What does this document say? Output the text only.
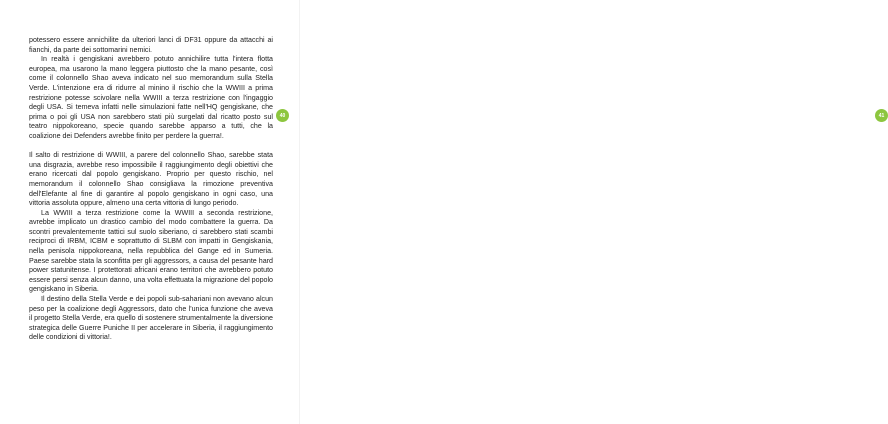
potessero essere annichilite da ulteriori lanci di DF31 oppure da attacchi ai fianchi, da parte dei sottomarini nemici.

In realtà i gengiskani avrebbero potuto annichilire tutta l'intera flotta europea, ma usarono la mano leggera piuttosto che la mano pesante, così come il colonnello Shao aveva indicato nel suo memorandum sulla Stella Verde. L'intenzione era di ridurre al minino il rischio che la WWIII a prima restrizione potesse scivolare nella WWIII a terza restrizione con l'ingaggio degli USA. Si temeva infatti nelle simulazioni fatte nell'HQ gengiskane, che prima o poi gli USA non sarebbero stati più surgelati dal ricatto posto sul teatro nippokoreano, specie quando sarebbe apparso a tutti, che la coalizione dei Defenders avrebbe finito per perdere la guerra!.

Il salto di restrizione di WWIII, a parere del colonnello Shao, sarebbe stata una disgrazia, avrebbe reso impossibile il raggiungimento degli obiettivi che erano ricercati dal popolo gengiskano. Proprio per questo rischio, nel memorandum il colonnello Shao consigliava la rimozione preventiva dell'Elefante al fine di garantire al popolo gengiskano in ogni caso, una vittoria assoluta oppure, almeno una certa vittoria di lungo periodo.

La WWIII a terza restrizione come la WWIII a seconda restrizione, avrebbe implicato un drastico cambio del modo combattere la guerra. Da scontri prevalentemente tattici sul suolo siberiano, ci sarebbero stati scambi reciproci di IRBM, ICBM e soprattutto di SLBM con impatti in Gengiskania, nella penisola nippokoreana, nella repubblica del Gange ed in Sumeria. Paese sarebbe stata la sconfitta per gli aggressors, a causa del pesante hard power statunitense. I protettorati africani erano territori che avrebbero potuto essere persi senza alcun danno, una volta effettuata la migrazione del popolo gengiskano in Siberia.

Il destino della Stella Verde e dei popoli sub-sahariani non avevano alcun peso per la coalizione degli Aggressors, dato che l'unica funzione che aveva il progetto Stella Verde, era quello di sostenere strumentalmente la diversione strategica delle Guerre Puniche II per accelerare in Siberia, il raggiungimento delle condizioni di vittoria!.

40	41
